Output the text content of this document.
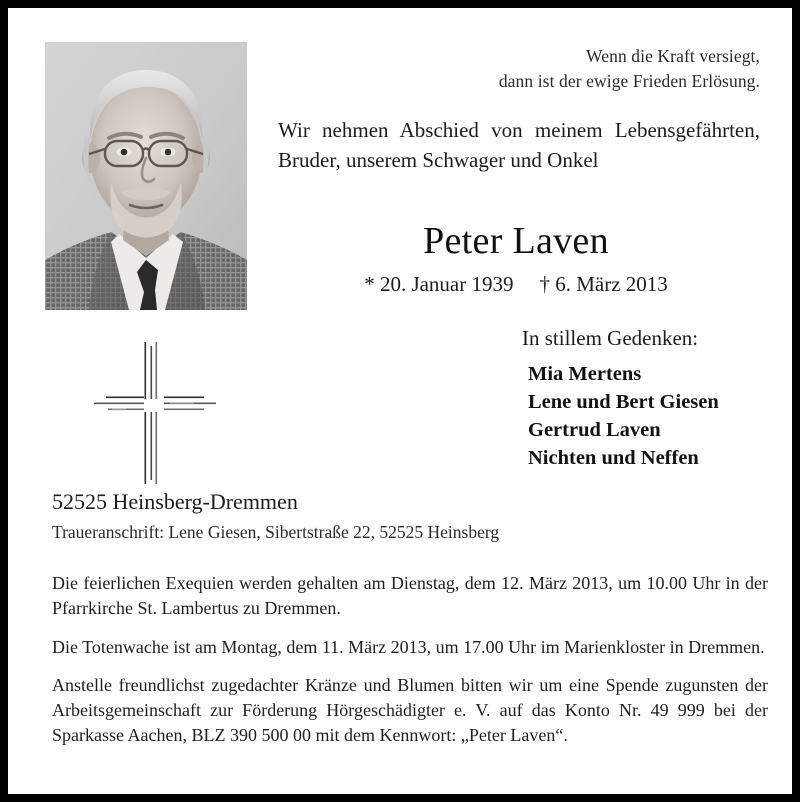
Wenn die Kraft versiegt,
dann ist der ewige Frieden Erlösung.
Wir nehmen Abschied von meinem Lebensgefährten, Bruder, unserem Schwager und Onkel
Peter Laven
* 20. Januar 1939 † 6. März 2013
In stillem Gedenken:
Mia Mertens
Lene und Bert Giesen
Gertrud Laven
Nichten und Neffen
52525 Heinsberg-Dremmen
Traueranschrift: Lene Giesen, Sibertstraße 22, 52525 Heinsberg

Die feierlichen Exequien werden gehalten am Dienstag, dem 12. März 2013, um 10.00 Uhr in der Pfarrkirche St. Lambertus zu Dremmen.

Die Totenwache ist am Montag, dem 11. März 2013, um 17.00 Uhr im Marienkloster in Dremmen.

Anstelle freundlichst zugedachter Kränze und Blumen bitten wir um eine Spende zugunsten der Arbeitsgemeinschaft zur Förderung Hörgeschädigter e. V. auf das Konto Nr. 49 999 bei der Sparkasse Aachen, BLZ 390 500 00 mit dem Kennwort: „Peter Laven“.
